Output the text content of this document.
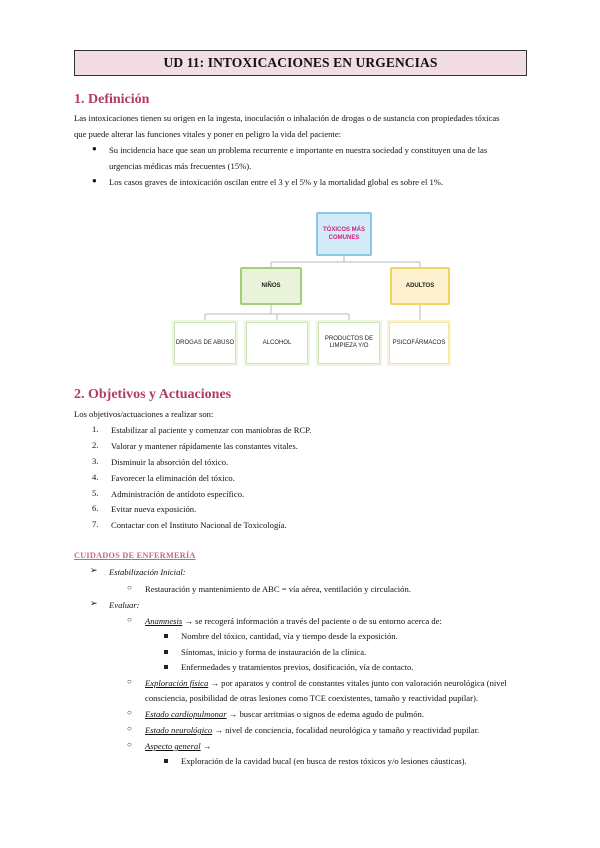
UD 11: INTOXICACIONES EN URGENCIAS
1. Definición
Las intoxicaciones tienen su origen en la ingesta, inoculación o inhalación de drogas o de sustancia con propiedades tóxicas
que puede alterar las funciones vitales y poner en peligro la vida del paciente:
● Su incidencia hace que sean un problema recurrente e importante en nuestra sociedad y constituyen una de las
urgencias médicas más frecuentes (15%).
● Los casos graves de intoxicación oscilan entre el 3 y el 5% y la mortalidad global es sobre el 1%.
TÓXICOS MÁS COMUNES
NIÑOS	ADULTOS
DROGAS DE ABUSO	ALCOHOL
PRODUCTOS DE LIMPIEZA Y/O	PSICOFÁRMACOS
2. Objetivos y Actuaciones
Los objetivos/actuaciones a realizar son:
1. Estabilizar al paciente y comenzar con maniobras de RCP.
2. Valorar y mantener rápidamente las constantes vitales.
3. Disminuir la absorción del tóxico.
4. Favorecer la eliminación del tóxico.
5. Administración de antídoto específico.
6. Evitar nueva exposición.
7. Contactar con el Instituto Nacional de Toxicología.
CUIDADOS DE ENFERMERÍA
➢ Estabilización Inicial:
○ Restauración y mantenimiento de ABC = vía aérea, ventilación y circulación.
➢ Evaluar:
○ Anamnesis → se recogerá información a través del paciente o de su entorno acerca de:
Nombre del tóxico, cantidad, vía y tiempo desde la exposición.
Síntomas, inicio y forma de instauración de la clínica.
Enfermedades y tratamientos previos, dosificación, vía de contacto.
○ Exploración física → por aparatos y control de constantes vitales junto con valoración neurológica (nivel
consciencia, posibilidad de otras lesiones como TCE coexistentes, tamaño y reactividad pupilar).
○ Estado cardiopulmonar → buscar arritmias o signos de edema agudo de pulmón.
○ Estado neurológico → nivel de conciencia, focalidad neurológica y tamaño y reactividad pupilar.
○ Aspecto general →
Exploración de la cavidad bucal (en busca de restos tóxicos y/o lesiones cáusticas).
